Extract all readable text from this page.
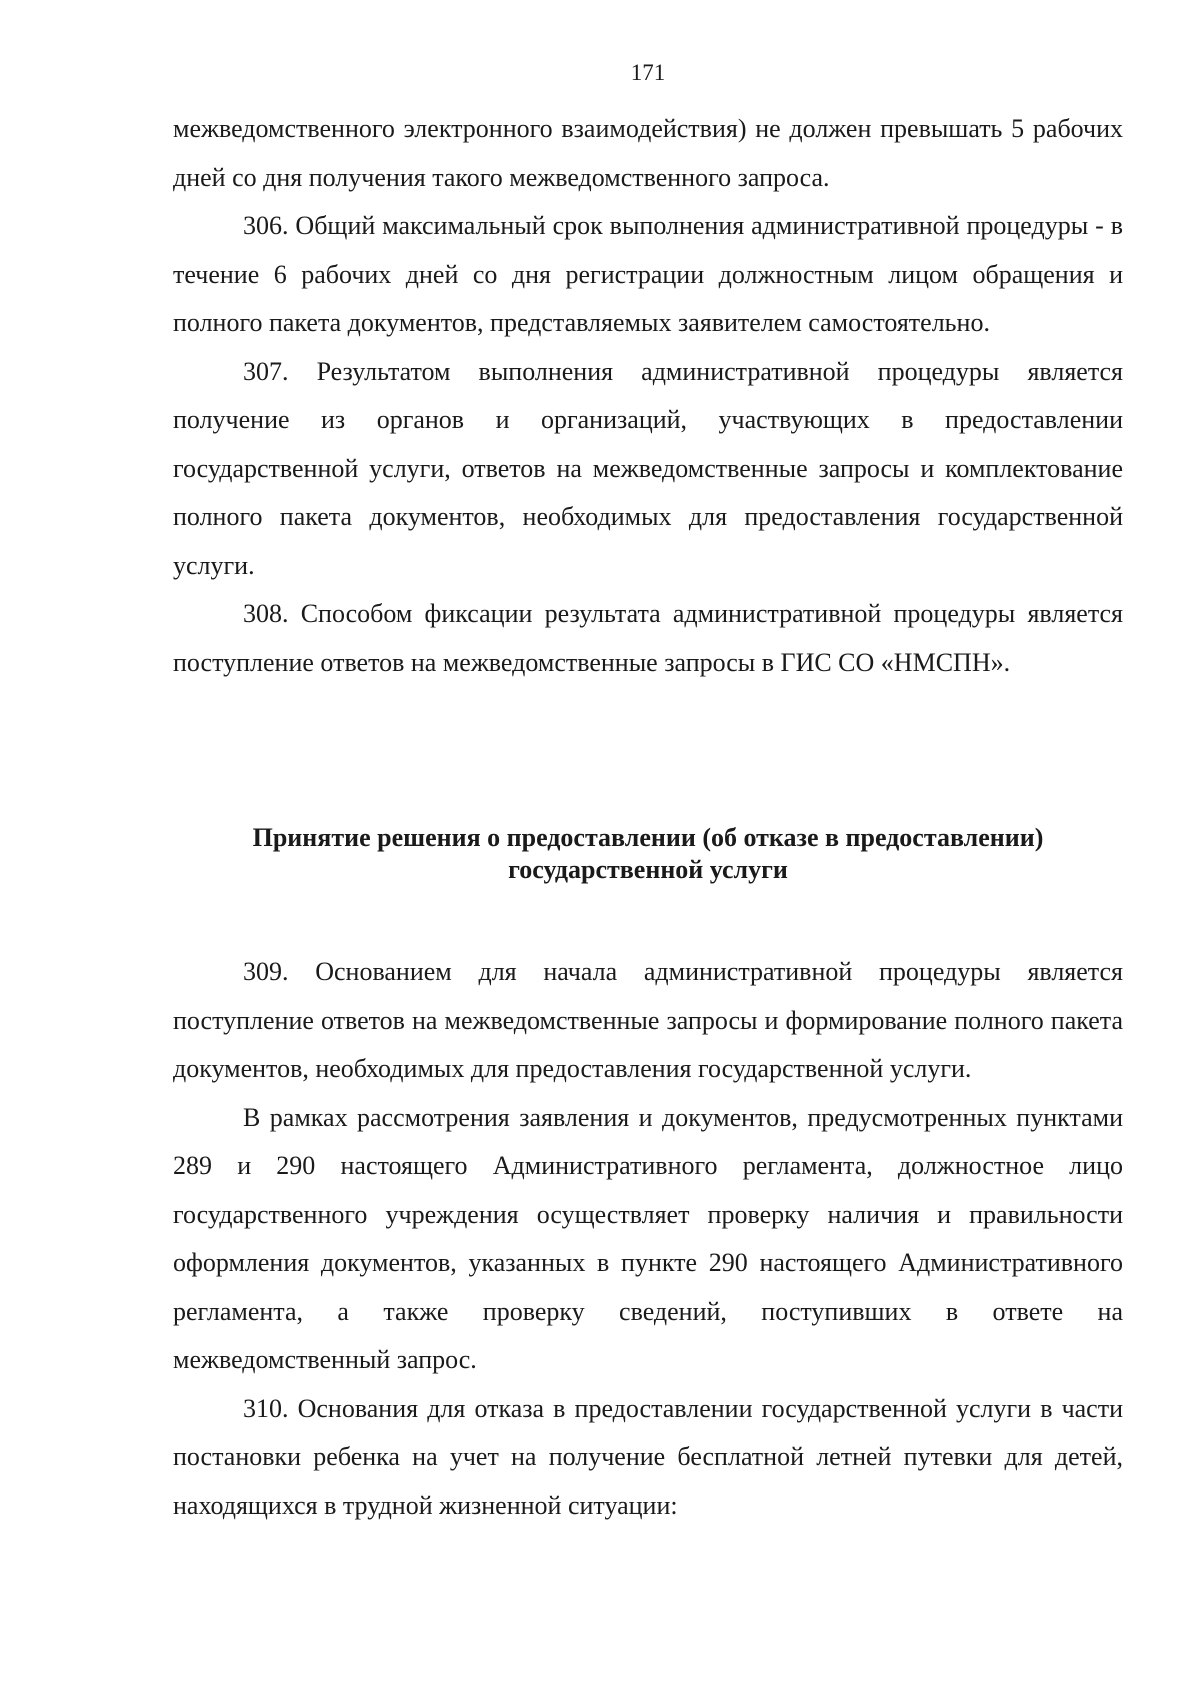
171

межведомственного электронного взаимодействия) не должен превышать 5 рабочих дней со дня получения такого межведомственного запроса.

306. Общий максимальный срок выполнения административной процедуры - в течение 6 рабочих дней со дня регистрации должностным лицом обращения и полного пакета документов, представляемых заявителем самостоятельно.

307. Результатом выполнения административной процедуры является получение из органов и организаций, участвующих в предоставлении государственной услуги, ответов на межведомственные запросы и комплектование полного пакета документов, необходимых для предоставления государственной услуги.

308. Способом фиксации результата административной процедуры является поступление ответов на межведомственные запросы в ГИС СО «НМСПН».

Принятие решения о предоставлении (об отказе в предоставлении)
государственной услуги

309. Основанием для начала административной процедуры является поступление ответов на межведомственные запросы и формирование полного пакета документов, необходимых для предоставления государственной услуги.

В рамках рассмотрения заявления и документов, предусмотренных пунктами 289 и 290 настоящего Административного регламента, должностное лицо государственного учреждения осуществляет проверку наличия и правильности оформления документов, указанных в пункте 290 настоящего Административного регламента, а также проверку сведений, поступивших в ответе на межведомственный запрос.

310. Основания для отказа в предоставлении государственной услуги в части постановки ребенка на учет на получение бесплатной летней путевки для детей, находящихся в трудной жизненной ситуации:
